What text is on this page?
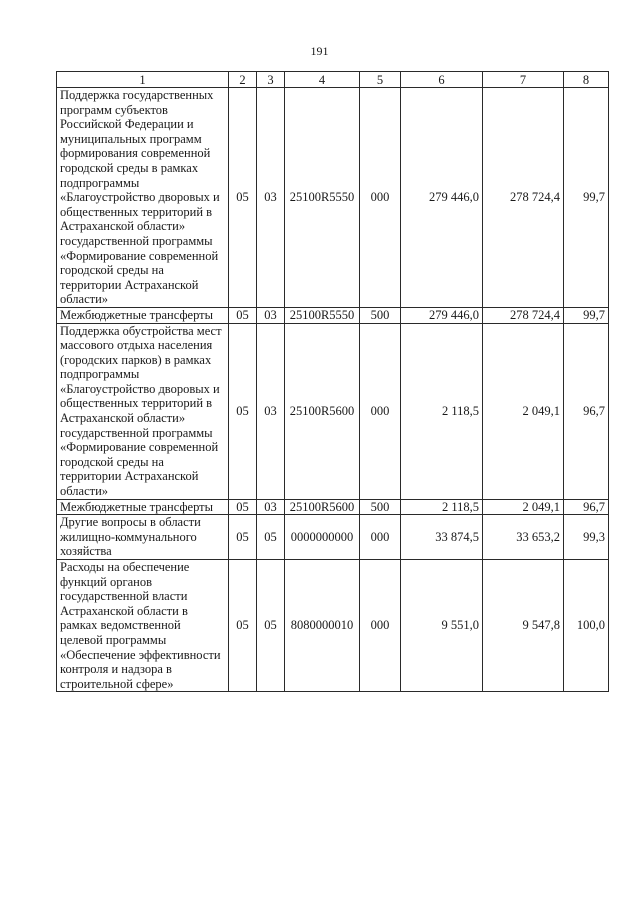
191
1	2	3	4	5	6	7	8
Поддержка государственных программ субъектов Российской Федерации и муниципальных программ формирования современной городской среды в рамках подпрограммы «Благоустройство дворовых и общественных территорий в Астраханской области» государственной программы «Формирование современной городской среды на территории Астраханской области»	05	03	25100R5550	000	279 446,0	278 724,4	99,7
Межбюджетные трансферты	05	03	25100R5550	500	279 446,0	278 724,4	99,7
Поддержка обустройства мест массового отдыха населения (городских парков) в рамках подпрограммы «Благоустройство дворовых и общественных территорий в Астраханской области» государственной программы «Формирование современной городской среды на территории Астраханской области»	05	03	25100R5600	000	2 118,5	2 049,1	96,7
Межбюджетные трансферты	05	03	25100R5600	500	2 118,5	2 049,1	96,7
Другие вопросы в области жилищно-коммунального хозяйства	05	05	0000000000	000	33 874,5	33 653,2	99,3
Расходы на обеспечение функций органов государственной власти Астраханской области в рамках ведомственной целевой программы «Обеспечение эффективности контроля и надзора в строительной сфере»	05	05	8080000010	000	9 551,0	9 547,8	100,0
